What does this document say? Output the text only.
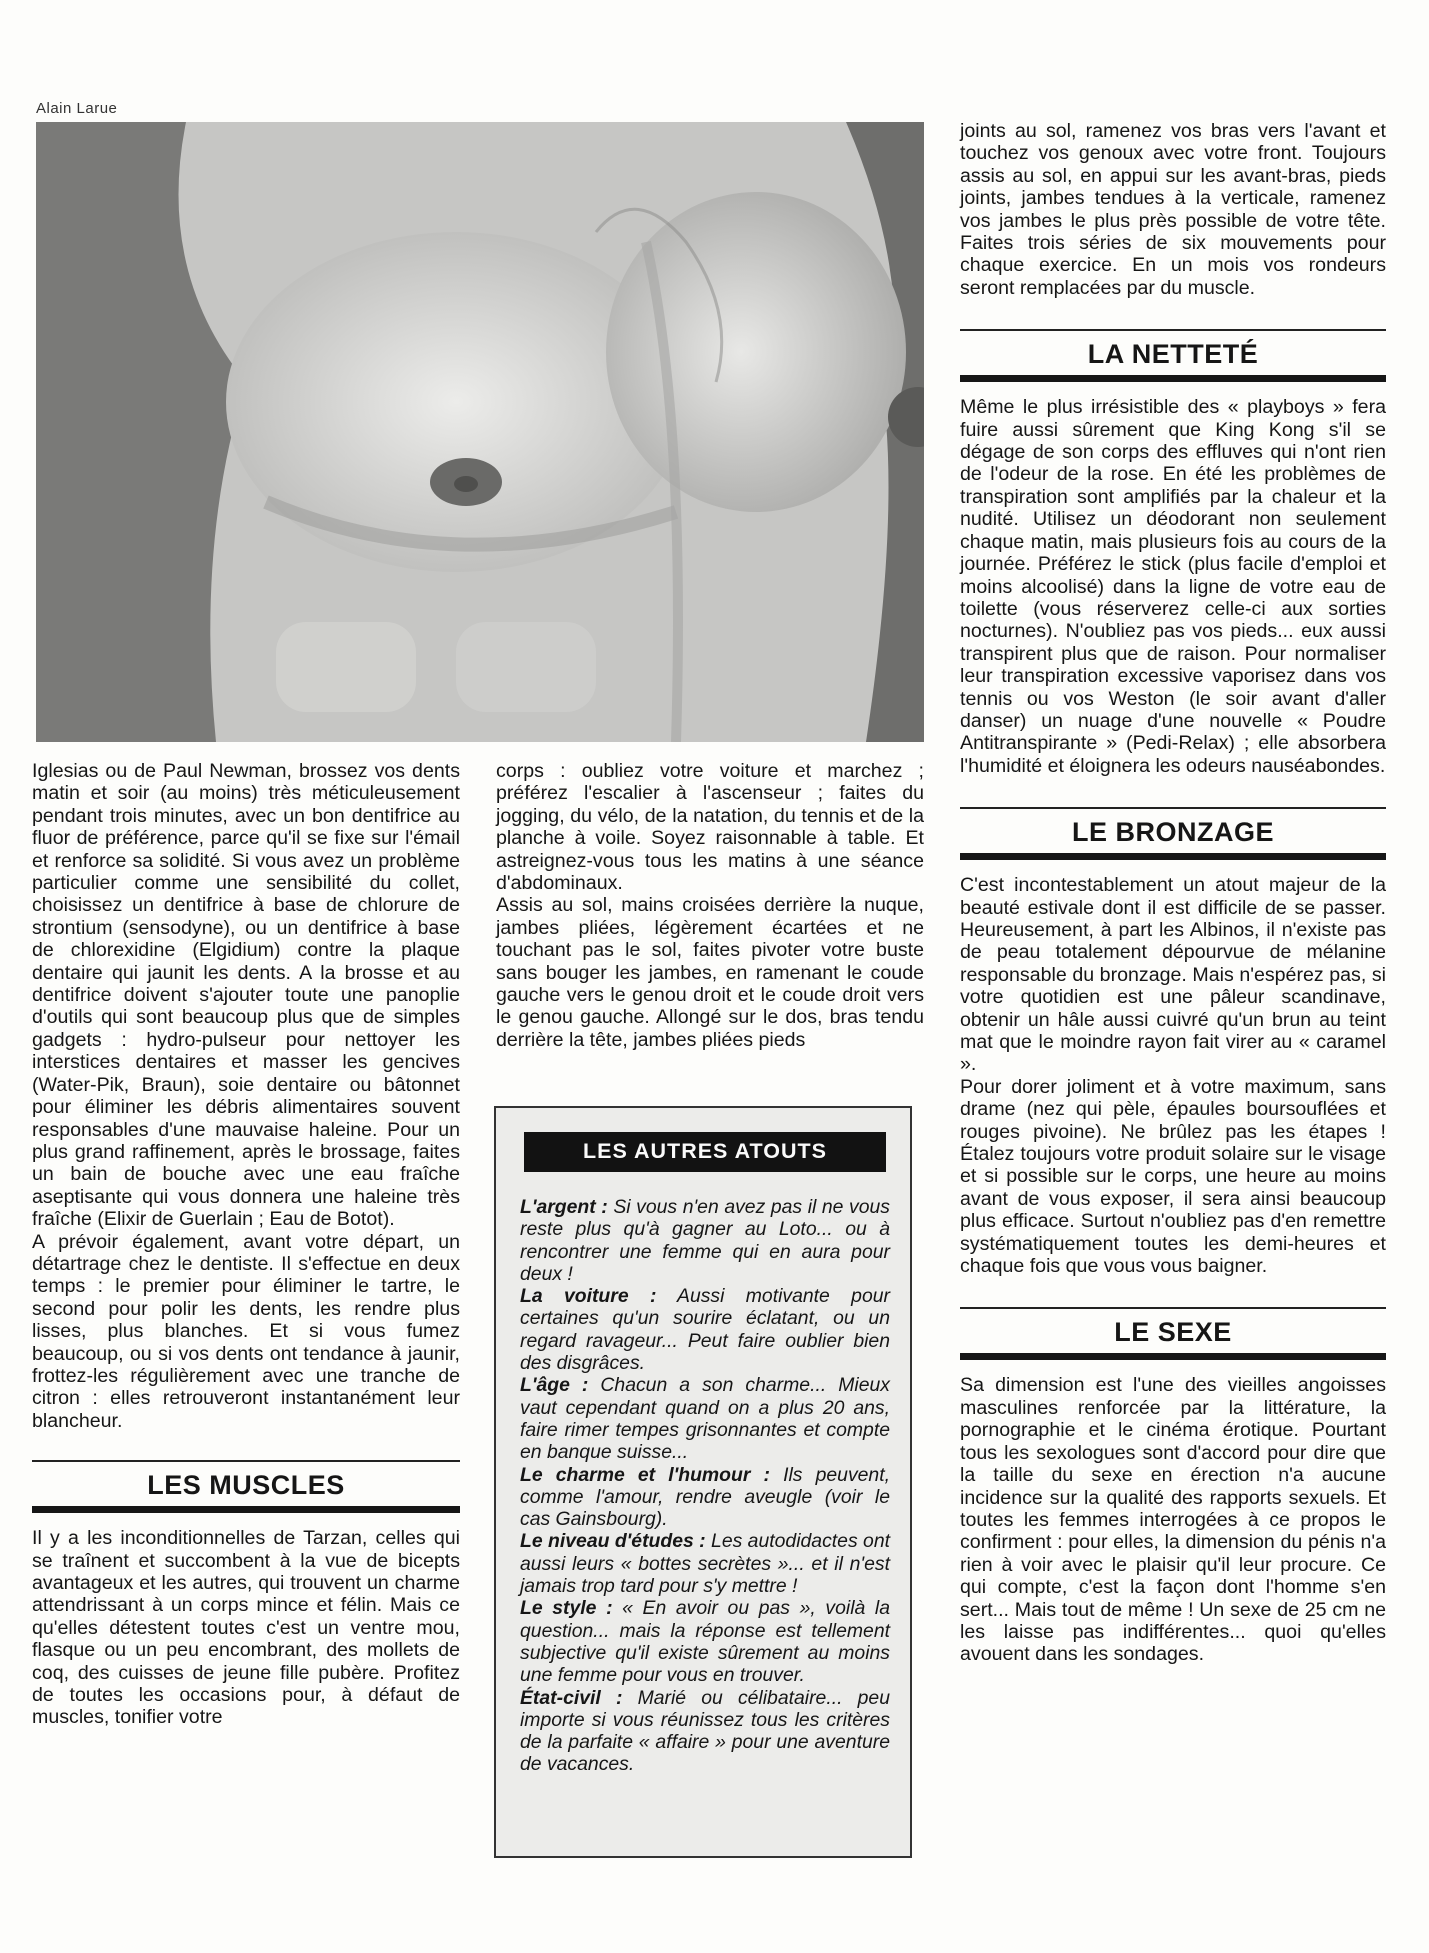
Alain Larue

Iglesias ou de Paul Newman, brossez vos dents matin et soir (au moins) très méticuleusement pendant trois minutes, avec un bon dentifrice au fluor de préférence, parce qu'il se fixe sur l'émail et renforce sa solidité. Si vous avez un problème particulier comme une sensibilité du collet, choisissez un dentifrice à base de chlorure de strontium (sensodyne), ou un dentifrice à base de chlorexidine (Elgidium) contre la plaque dentaire qui jaunit les dents. A la brosse et au dentifrice doivent s'ajouter toute une panoplie d'outils qui sont beaucoup plus que de simples gadgets : hydro-pulseur pour nettoyer les interstices dentaires et masser les gencives (Water-Pik, Braun), soie dentaire ou bâtonnet pour éliminer les débris alimentaires souvent responsables d'une mauvaise haleine. Pour un plus grand raffinement, après le brossage, faites un bain de bouche avec une eau fraîche aseptisante qui vous donnera une haleine très fraîche (Elixir de Guerlain ; Eau de Botot).

A prévoir également, avant votre départ, un détartrage chez le dentiste. Il s'effectue en deux temps : le premier pour éliminer le tartre, le second pour polir les dents, les rendre plus lisses, plus blanches. Et si vous fumez beaucoup, ou si vos dents ont tendance à jaunir, frottez-les régulièrement avec une tranche de citron : elles retrouveront instantanément leur blancheur.

LES MUSCLES

Il y a les inconditionnelles de Tarzan, celles qui se traînent et succombent à la vue de bicepts avantageux et les autres, qui trouvent un charme attendrissant à un corps mince et félin. Mais ce qu'elles détestent toutes c'est un ventre mou, flasque ou un peu encombrant, des mollets de coq, des cuisses de jeune fille pubère. Profitez de toutes les occasions pour, à défaut de muscles, tonifier votre

corps : oubliez votre voiture et marchez ; préférez l'escalier à l'ascenseur ; faites du jogging, du vélo, de la natation, du tennis et de la planche à voile. Soyez raisonnable à table. Et astreignez-vous tous les matins à une séance d'abdominaux.

Assis au sol, mains croisées derrière la nuque, jambes pliées, légèrement écartées et ne touchant pas le sol, faites pivoter votre buste sans bouger les jambes, en ramenant le coude gauche vers le genou droit et le coude droit vers le genou gauche. Allongé sur le dos, bras tendu derrière la tête, jambes pliées pieds

LES AUTRES ATOUTS

L'argent : Si vous n'en avez pas il ne vous reste plus qu'à gagner au Loto... ou à rencontrer une femme qui en aura pour deux !
La voiture : Aussi motivante pour certaines qu'un sourire éclatant, ou un regard ravageur... Peut faire oublier bien des disgrâces.
L'âge : Chacun a son charme... Mieux vaut cependant quand on a plus 20 ans, faire rimer tempes grisonnantes et compte en banque suisse...
Le charme et l'humour : Ils peuvent, comme l'amour, rendre aveugle (voir le cas Gainsbourg).
Le niveau d'études : Les autodidactes ont aussi leurs « bottes secrètes »... et il n'est jamais trop tard pour s'y mettre !
Le style : « En avoir ou pas », voilà la question... mais la réponse est tellement subjective qu'il existe sûrement au moins une femme pour vous en trouver.
État-civil : Marié ou célibataire... peu importe si vous réunissez tous les critères de la parfaite « affaire » pour une aventure de vacances.

joints au sol, ramenez vos bras vers l'avant et touchez vos genoux avec votre front. Toujours assis au sol, en appui sur les avant-bras, pieds joints, jambes tendues à la verticale, ramenez vos jambes le plus près possible de votre tête. Faites trois séries de six mouvements pour chaque exercice. En un mois vos rondeurs seront remplacées par du muscle.

LA NETTETÉ

Même le plus irrésistible des « playboys » fera fuire aussi sûrement que King Kong s'il se dégage de son corps des effluves qui n'ont rien de l'odeur de la rose. En été les problèmes de transpiration sont amplifiés par la chaleur et la nudité. Utilisez un déodorant non seulement chaque matin, mais plusieurs fois au cours de la journée. Préférez le stick (plus facile d'emploi et moins alcoolisé) dans la ligne de votre eau de toilette (vous réserverez celle-ci aux sorties nocturnes). N'oubliez pas vos pieds... eux aussi transpirent plus que de raison. Pour normaliser leur transpiration excessive vaporisez dans vos tennis ou vos Weston (le soir avant d'aller danser) un nuage d'une nouvelle « Poudre Antitranspirante » (Pedi-Relax) ; elle absorbera l'humidité et éloignera les odeurs nauséabondes.

LE BRONZAGE

C'est incontestablement un atout majeur de la beauté estivale dont il est difficile de se passer. Heureusement, à part les Albinos, il n'existe pas de peau totalement dépourvue de mélanine responsable du bronzage. Mais n'espérez pas, si votre quotidien est une pâleur scandinave, obtenir un hâle aussi cuivré qu'un brun au teint mat que le moindre rayon fait virer au « caramel ».

Pour dorer joliment et à votre maximum, sans drame (nez qui pèle, épaules boursouflées et rouges pivoine). Ne brûlez pas les étapes ! Étalez toujours votre produit solaire sur le visage et si possible sur le corps, une heure au moins avant de vous exposer, il sera ainsi beaucoup plus efficace. Surtout n'oubliez pas d'en remettre systématiquement toutes les demi-heures et chaque fois que vous vous baigner.

LE SEXE

Sa dimension est l'une des vieilles angoisses masculines renforcée par la littérature, la pornographie et le cinéma érotique. Pourtant tous les sexologues sont d'accord pour dire que la taille du sexe en érection n'a aucune incidence sur la qualité des rapports sexuels. Et toutes les femmes interrogées à ce propos le confirment : pour elles, la dimension du pénis n'a rien à voir avec le plaisir qu'il leur procure. Ce qui compte, c'est la façon dont l'homme s'en sert... Mais tout de même ! Un sexe de 25 cm ne les laisse pas indifférentes... quoi qu'elles avouent dans les sondages.
